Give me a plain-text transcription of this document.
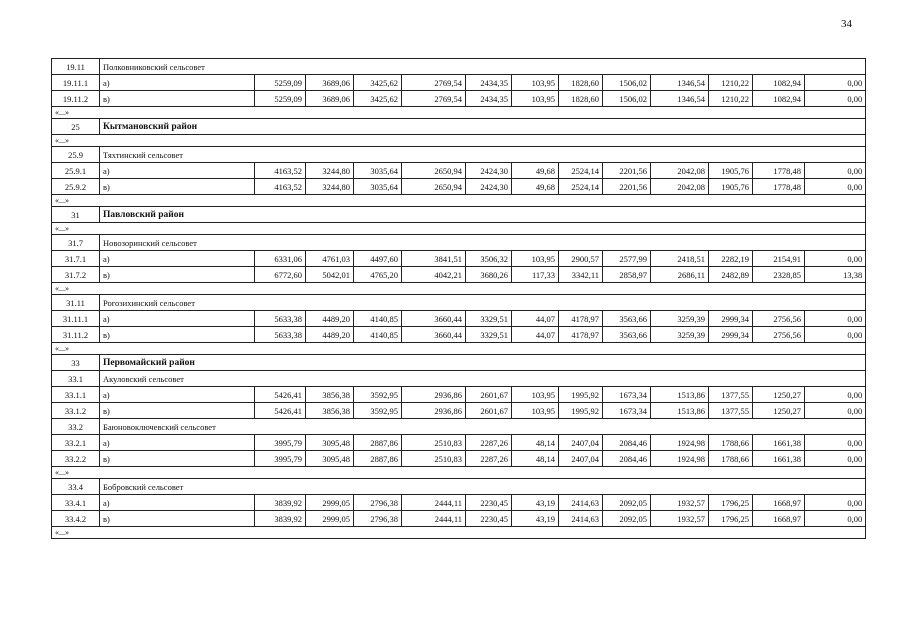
34
19.11	Полковниковский сельсовет												
19.11.1	а)	5259,09	3689,06	3425,62	2769,54	2434,35	103,95	1828,60	1506,02	1346,54	1210,22	1082,94	0,00
19.11.2	в)	5259,09	3689,06	3425,62	2769,54	2434,35	103,95	1828,60	1506,02	1346,54	1210,22	1082,94	0,00
«...»													
25	Кытмановский район												
«...»													
25.9	Тяхтинский сельсовет												
25.9.1	а)	4163,52	3244,80	3035,64	2650,94	2424,30	49,68	2524,14	2201,56	2042,08	1905,76	1778,48	0,00
25.9.2	в)	4163,52	3244,80	3035,64	2650,94	2424,30	49,68	2524,14	2201,56	2042,08	1905,76	1778,48	0,00
«...»													
31	Павловский район												
«...»													
31.7	Новозоринский сельсовет												
31.7.1	а)	6331,06	4761,03	4497,60	3841,51	3506,32	103,95	2900,57	2577,99	2418,51	2282,19	2154,91	0,00
31.7.2	в)	6772,60	5042,01	4765,20	4042,21	3680,26	117,33	3342,11	2858,97	2686,11	2482,89	2328,85	13,38
«...»													
31.11	Рогозихинский сельсовет												
31.11.1	а)	5633,38	4489,20	4140,85	3660,44	3329,51	44,07	4178,97	3563,66	3259,39	2999,34	2756,56	0,00
31.11.2	в)	5633,38	4489,20	4140,85	3660,44	3329,51	44,07	4178,97	3563,66	3259,39	2999,34	2756,56	0,00
«...»													
33	Первомайский район												
33.1	Акуловский сельсовет												
33.1.1	а)	5426,41	3856,38	3592,95	2936,86	2601,67	103,95	1995,92	1673,34	1513,86	1377,55	1250,27	0,00
33.1.2	в)	5426,41	3856,38	3592,95	2936,86	2601,67	103,95	1995,92	1673,34	1513,86	1377,55	1250,27	0,00
33.2	Баюновоключевский сельсовет												
33.2.1	а)	3995,79	3095,48	2887,86	2510,83	2287,26	48,14	2407,04	2084,46	1924,98	1788,66	1661,38	0,00
33.2.2	в)	3995,79	3095,48	2887,86	2510,83	2287,26	48,14	2407,04	2084,46	1924,98	1788,66	1661,38	0,00
«...»													
33.4	Бобровский сельсовет												
33.4.1	а)	3839,92	2999,05	2796,38	2444,11	2230,45	43,19	2414,63	2092,05	1932,57	1796,25	1668,97	0,00
33.4.2	в)	3839,92	2999,05	2796,38	2444,11	2230,45	43,19	2414,63	2092,05	1932,57	1796,25	1668,97	0,00
«...»													
